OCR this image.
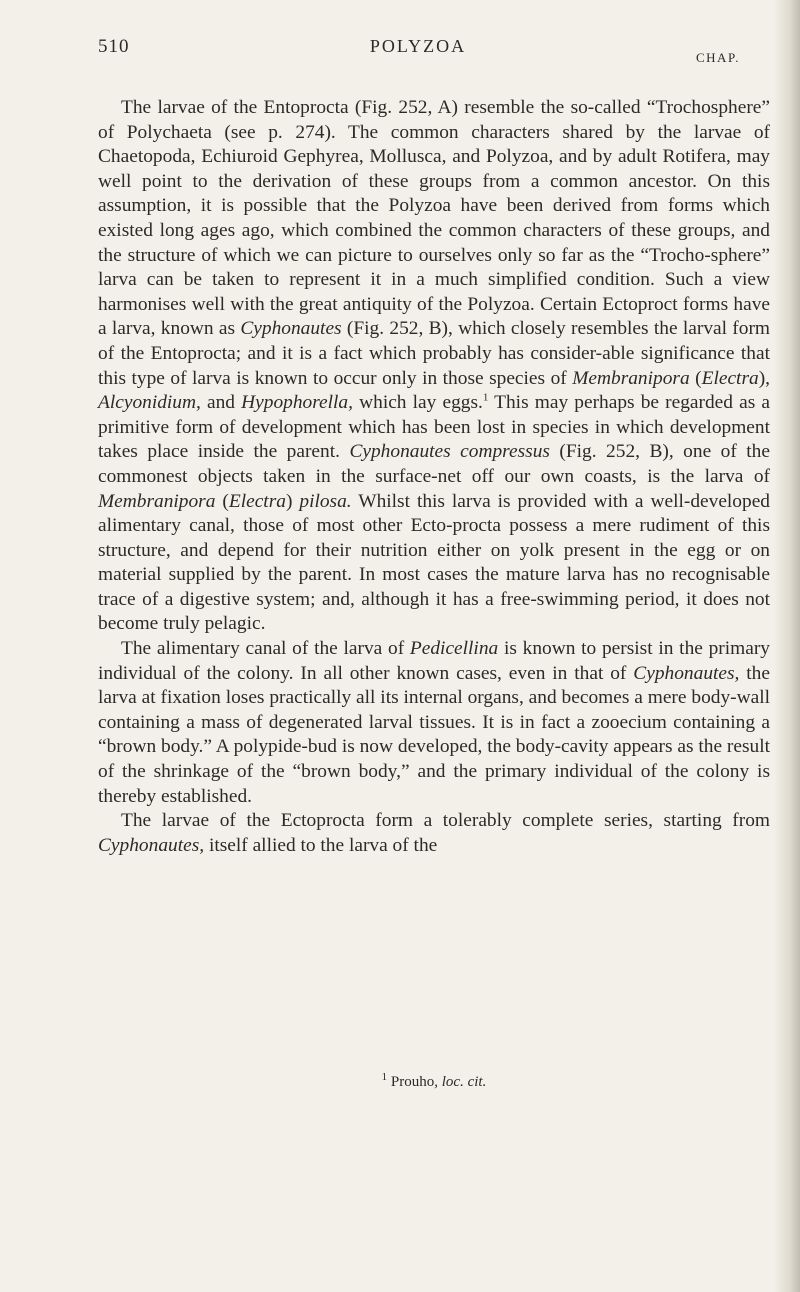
510	POLYZOA
CHAP.

The larvae of the Entoprocta (Fig. 252, A) resemble the so-called “Trochosphere” of Polychaeta (see p. 274). The common characters shared by the larvae of Chaetopoda, Echiuroid Gephyrea, Mollusca, and Polyzoa, and by adult Rotifera, may well point to the derivation of these groups from a common ancestor. On this assumption, it is possible that the Polyzoa have been derived from forms which existed long ages ago, which combined the common characters of these groups, and the structure of which we can picture to ourselves only so far as the “Trocho-sphere” larva can be taken to represent it in a much simplified condition. Such a view harmonises well with the great antiquity of the Polyzoa. Certain Ectoproct forms have a larva, known as Cyphonautes (Fig. 252, B), which closely resembles the larval form of the Entoprocta; and it is a fact which probably has consider-able significance that this type of larva is known to occur only in those species of Membranipora (Electra), Alcyonidium, and Hypophorella, which lay eggs.$^1$ This may perhaps be regarded as a primitive form of development which has been lost in species in which development takes place inside the parent. Cyphonautes compressus (Fig. 252, B), one of the commonest objects taken in the surface-net off our own coasts, is the larva of Membranipora (Electra) pilosa. Whilst this larva is provided with a well-developed alimentary canal, those of most other Ecto-procta possess a mere rudiment of this structure, and depend for their nutrition either on yolk present in the egg or on material supplied by the parent. In most cases the mature larva has no recognisable trace of a digestive system; and, although it has a free-swimming period, it does not become truly pelagic.

The alimentary canal of the larva of Pedicellina is known to persist in the primary individual of the colony. In all other known cases, even in that of Cyphonautes, the larva at fixation loses practically all its internal organs, and becomes a mere body-wall containing a mass of degenerated larval tissues. It is in fact a zooecium containing a “brown body.” A polypide-bud is now developed, the body-cavity appears as the result of the shrinkage of the “brown body,” and the primary individual of the colony is thereby established.

The larvae of the Ectoprocta form a tolerably complete series, starting from Cyphonautes, itself allied to the larva of the

$^1$ Prouho, loc. cit.
